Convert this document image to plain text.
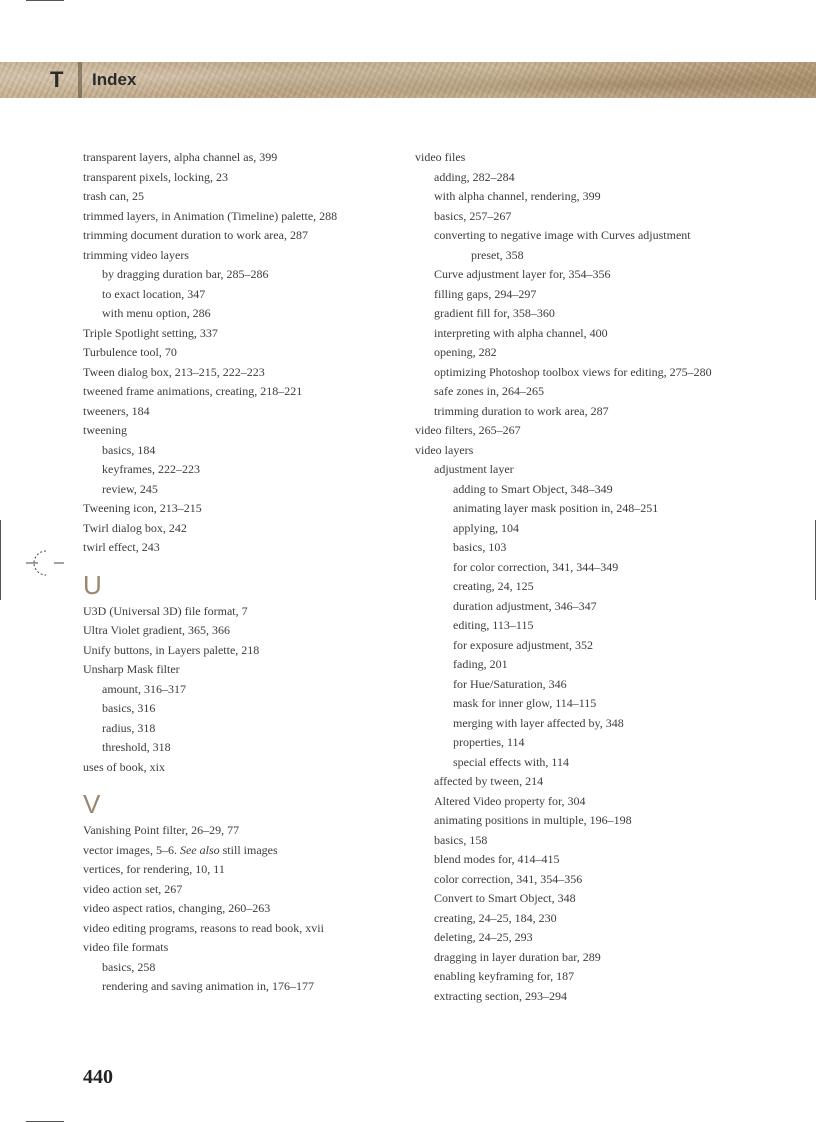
T Index
transparent layers, alpha channel as, 399
transparent pixels, locking, 23
trash can, 25
trimmed layers, in Animation (Timeline) palette, 288
trimming document duration to work area, 287
trimming video layers
by dragging duration bar, 285–286
to exact location, 347
with menu option, 286
Triple Spotlight setting, 337
Turbulence tool, 70
Tween dialog box, 213–215, 222–223
tweened frame animations, creating, 218–221
tweeners, 184
tweening
basics, 184
keyframes, 222–223
review, 245
Tweening icon, 213–215
Twirl dialog box, 242
twirl effect, 243
U
U3D (Universal 3D) file format, 7
Ultra Violet gradient, 365, 366
Unify buttons, in Layers palette, 218
Unsharp Mask filter
amount, 316–317
basics, 316
radius, 318
threshold, 318
uses of book, xix
V
Vanishing Point filter, 26–29, 77
vector images, 5–6. See also still images
vertices, for rendering, 10, 11
video action set, 267
video aspect ratios, changing, 260–263
video editing programs, reasons to read book, xvii
video file formats
basics, 258
rendering and saving animation in, 176–177
video files
adding, 282–284
with alpha channel, rendering, 399
basics, 257–267
converting to negative image with Curves adjustment
preset, 358
Curve adjustment layer for, 354–356
filling gaps, 294–297
gradient fill for, 358–360
interpreting with alpha channel, 400
opening, 282
optimizing Photoshop toolbox views for editing, 275–280
safe zones in, 264–265
trimming duration to work area, 287
video filters, 265–267
video layers
adjustment layer
adding to Smart Object, 348–349
animating layer mask position in, 248–251
applying, 104
basics, 103
for color correction, 341, 344–349
creating, 24, 125
duration adjustment, 346–347
editing, 113–115
for exposure adjustment, 352
fading, 201
for Hue/Saturation, 346
mask for inner glow, 114–115
merging with layer affected by, 348
properties, 114
special effects with, 114
affected by tween, 214
Altered Video property for, 304
animating positions in multiple, 196–198
basics, 158
blend modes for, 414–415
color correction, 341, 354–356
Convert to Smart Object, 348
creating, 24–25, 184, 230
deleting, 24–25, 293
dragging in layer duration bar, 289
enabling keyframing for, 187
extracting section, 293–294
440
